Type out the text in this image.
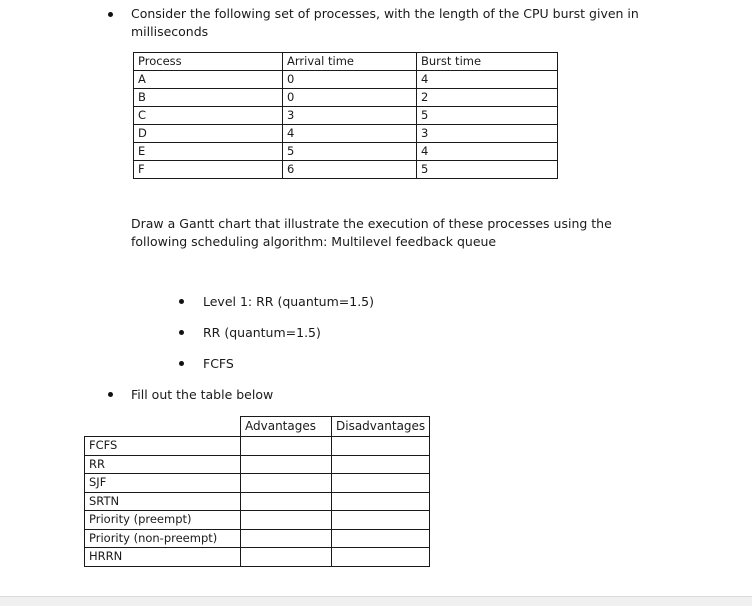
Consider the following set of processes, with the length of the CPU burst given in
milliseconds
Process	Arrival time	Burst time
A	0	4
B	0	2
C	3	5
D	4	3
E	5	4
F	6	5
Draw a Gantt chart that illustrate the execution of these processes using the
following scheduling algorithm: Multilevel feedback queue
Level 1: RR (quantum=1.5)
RR (quantum=1.5)
FCFS
Fill out the table below
	Advantages	Disadvantages
FCFS		
RR		
SJF		
SRTN		
Priority (preempt)		
Priority (non-preempt)		
HRRN		
